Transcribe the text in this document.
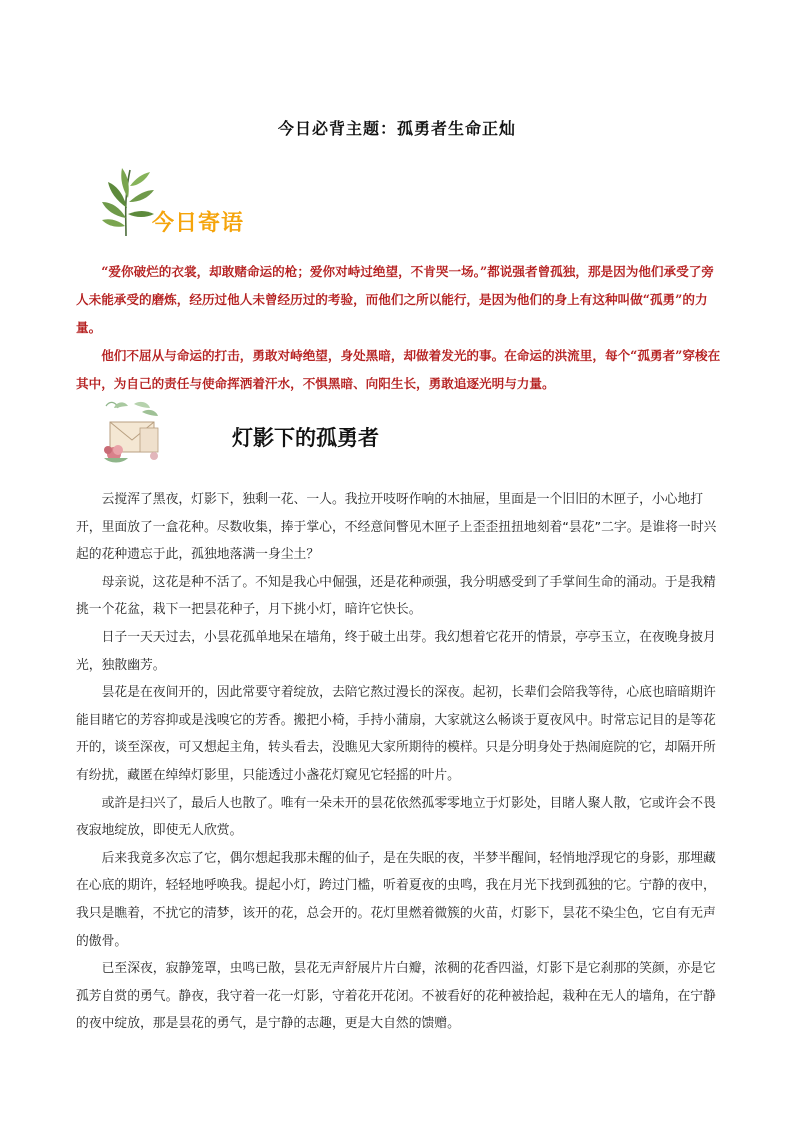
今日必背主题：孤勇者生命正灿
今日寄语

“爱你破烂的衣裳，却敢赌命运的枪；爱你对峙过绝望，不肯哭一场。”都说强者曾孤独，那是因为他们承受了旁人未能承受的磨炼，经历过他人未曾经历过的考验，而他们之所以能行，是因为他们的身上有这种叫做“孤勇”的力量。

他们不屈从与命运的打击，勇敢对峙绝望，身处黑暗，却做着发光的事。在命运的洪流里，每个“孤勇者”穿梭在其中，为自己的责任与使命挥洒着汗水，不惧黑暗、向阳生长，勇敢追逐光明与力量。

灯影下的孤勇者

云搅浑了黑夜，灯影下，独剩一花、一人。我拉开吱呀作响的木抽屉，里面是一个旧旧的木匣子，小心地打开，里面放了一盒花种。尽数收集，捧于掌心，不经意间瞥见木匣子上歪歪扭扭地刻着“昙花”二字。是谁将一时兴起的花种遗忘于此，孤独地落满一身尘土？

母亲说，这花是种不活了。不知是我心中倔强，还是花种顽强，我分明感受到了手掌间生命的涌动。于是我精挑一个花盆，栽下一把昙花种子，月下挑小灯，暗许它快长。

日子一天天过去，小昙花孤单地呆在墙角，终于破土出芽。我幻想着它花开的情景，亭亭玉立，在夜晚身披月光，独散幽芳。

昙花是在夜间开的，因此常要守着绽放，去陪它熬过漫长的深夜。起初，长辈们会陪我等待，心底也暗暗期许能目睹它的芳容抑或是浅嗅它的芳香。搬把小椅，手持小蒲扇，大家就这么畅谈于夏夜风中。时常忘记目的是等花开的，谈至深夜，可又想起主角，转头看去，没瞧见大家所期待的模样。只是分明身处于热闹庭院的它，却隔开所有纷扰，藏匿在绰绰灯影里，只能透过小盏花灯窥见它轻摇的叶片。

或許是扫兴了，最后人也散了。唯有一朵未开的昙花依然孤零零地立于灯影处，目睹人聚人散，它或许会不畏夜寂地绽放，即使无人欣赏。

后来我竟多次忘了它，偶尔想起我那未醒的仙子，是在失眠的夜，半梦半醒间，轻悄地浮现它的身影，那埋藏在心底的期许，轻轻地呼唤我。提起小灯，跨过门槛，听着夏夜的虫鸣，我在月光下找到孤独的它。宁静的夜中，我只是瞧着，不扰它的清梦，该开的花，总会开的。花灯里燃着微簇的火苗，灯影下，昙花不染尘色，它自有无声的傲骨。

已至深夜，寂静笼罩，虫鸣已散，昙花无声舒展片片白瓣，浓稠的花香四溢，灯影下是它刹那的笑颜，亦是它孤芳自赏的勇气。静夜，我守着一花一灯影，守着花开花闭。不被看好的花种被拾起，栽种在无人的墙角，在宁静的夜中绽放，那是昙花的勇气，是宁静的志趣，更是大自然的馈赠。
